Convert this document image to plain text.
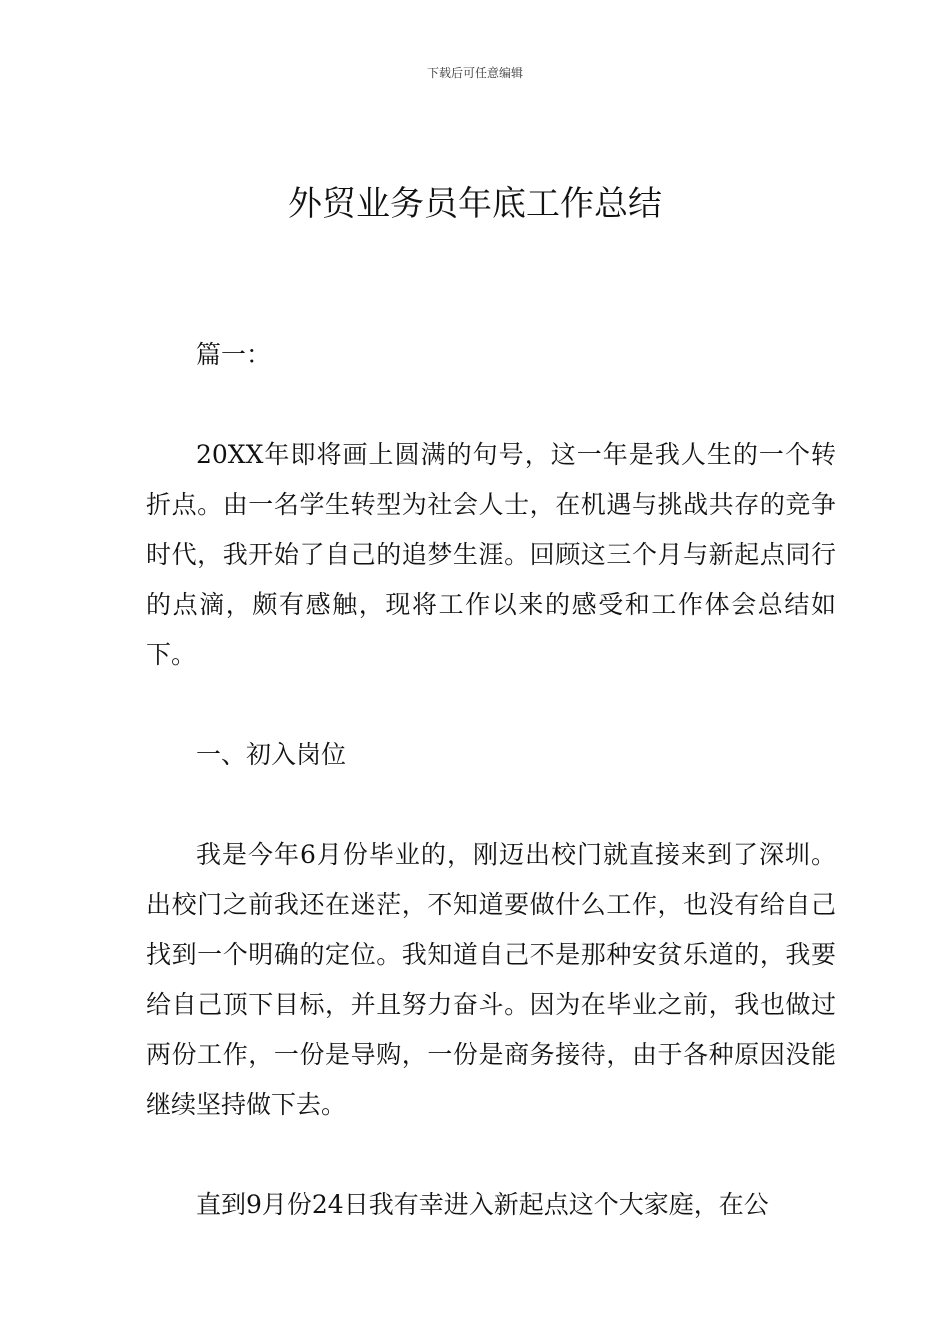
下载后可任意编辑
外贸业务员年底工作总结

篇一：

20XX年即将画上圆满的句号，这一年是我人生的一个转折点。由一名学生转型为社会人士，在机遇与挑战共存的竞争时代，我开始了自己的追梦生涯。回顾这三个月与新起点同行的点滴，颇有感触，现将工作以来的感受和工作体会总结如下。

一、初入岗位

我是今年6月份毕业的，刚迈出校门就直接来到了深圳。出校门之前我还在迷茫，不知道要做什么工作，也没有给自己找到一个明确的定位。我知道自己不是那种安贫乐道的，我要给自己顶下目标，并且努力奋斗。因为在毕业之前，我也做过两份工作，一份是导购，一份是商务接待，由于各种原因没能继续坚持做下去。

直到9月份24日我有幸进入新起点这个大家庭，在公
